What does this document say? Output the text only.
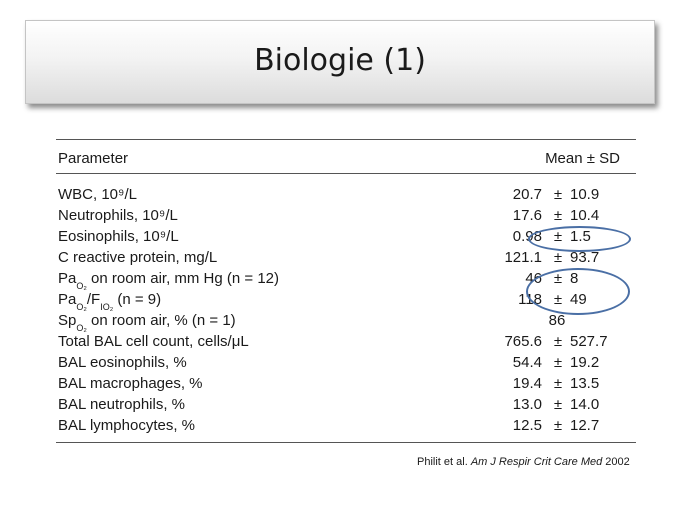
Biologie (1)
Parameter	Mean ± SD
WBC, 10⁹/L	20.7 ± 10.9
Neutrophils, 10⁹/L	17.6 ± 10.4
Eosinophils, 10⁹/L	0.98 ± 1.5
C reactive protein, mg/L	121.1 ± 93.7
$Pa_{O_2}$ on room air, mm Hg (n = 12)	46 ± 8
$Pa_{O_2}/F_{IO_2}$ (n = 9)	118 ± 49
$Sp_{O_2}$ on room air, % (n = 1)	86
Total BAL cell count, cells/μL	765.6 ± 527.7
BAL eosinophils, %	54.4 ± 19.2
BAL macrophages, %	19.4 ± 13.5
BAL neutrophils, %	13.0 ± 14.0
BAL lymphocytes, %	12.5 ± 12.7
Philit et al. Am J Respir Crit Care Med 2002
